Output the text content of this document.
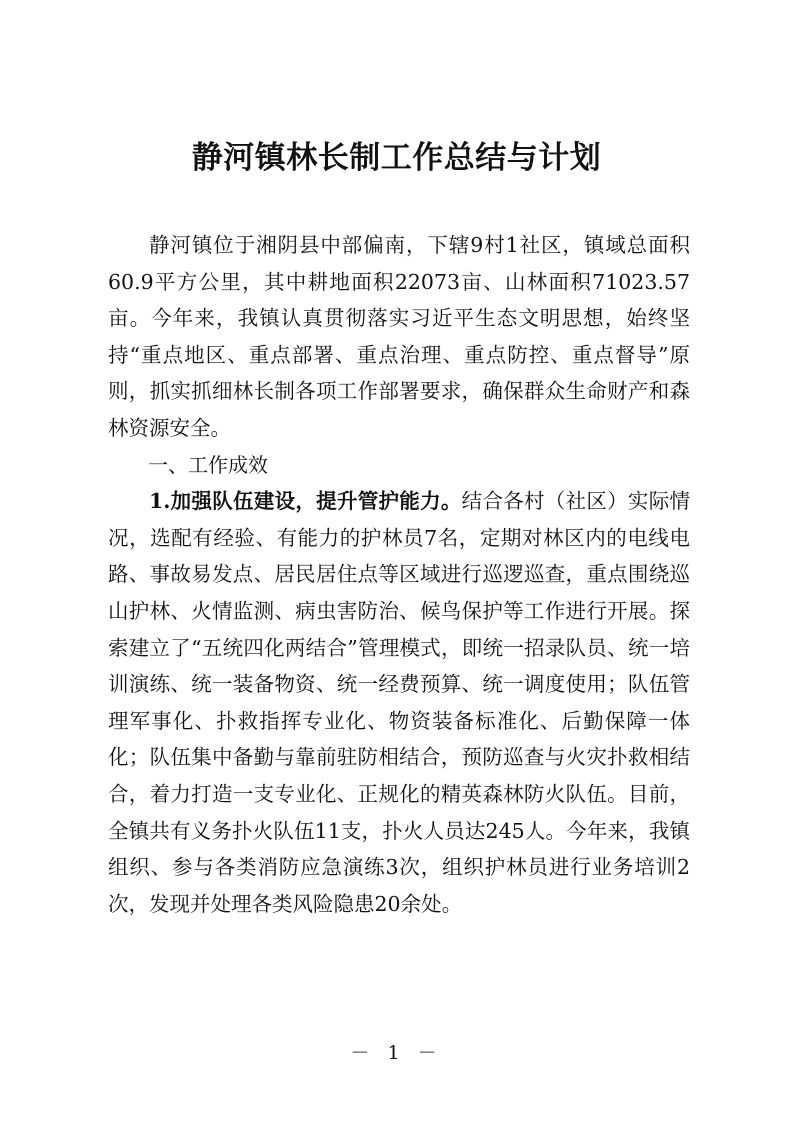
静河镇林长制工作总结与计划

静河镇位于湘阴县中部偏南，下辖9村1社区，镇域总面积60.9平方公里，其中耕地面积22073亩、山林面积71023.57亩。今年来，我镇认真贯彻落实习近平生态文明思想，始终坚持“重点地区、重点部署、重点治理、重点防控、重点督导”原则，抓实抓细林长制各项工作部署要求，确保群众生命财产和森林资源安全。

一、工作成效

1.加强队伍建设，提升管护能力。结合各村（社区）实际情况，选配有经验、有能力的护林员7名，定期对林区内的电线电路、事故易发点、居民居住点等区域进行巡逻巡查，重点围绕巡山护林、火情监测、病虫害防治、候鸟保护等工作进行开展。探索建立了“五统四化两结合”管理模式，即统一招录队员、统一培训演练、统一装备物资、统一经费预算、统一调度使用；队伍管理军事化、扑救指挥专业化、物资装备标准化、后勤保障一体化；队伍集中备勤与靠前驻防相结合，预防巡查与火灾扑救相结合，着力打造一支专业化、正规化的精英森林防火队伍。目前，全镇共有义务扑火队伍11支，扑火人员达245人。今年来，我镇组织、参与各类消防应急演练3次，组织护林员进行业务培训2次，发现并处理各类风险隐患20余处。

－ 1 －
